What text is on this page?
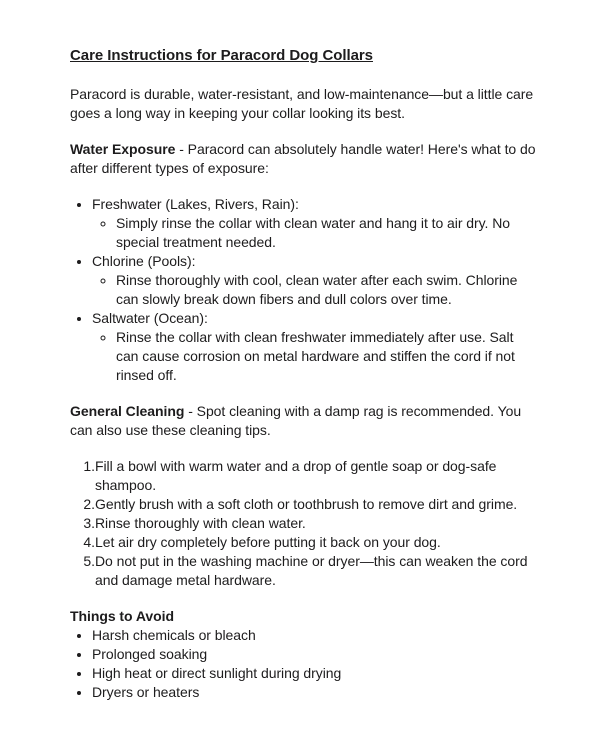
Care Instructions for Paracord Dog Collars

Paracord is durable, water-resistant, and low-maintenance—but a little care goes a long way in keeping your collar looking its best.

Water Exposure - Paracord can absolutely handle water! Here's what to do after different types of exposure:

• Freshwater (Lakes, Rivers, Rain):
◦ Simply rinse the collar with clean water and hang it to air dry. No special treatment needed.
• Chlorine (Pools):
◦ Rinse thoroughly with cool, clean water after each swim. Chlorine can slowly break down fibers and dull colors over time.
• Saltwater (Ocean):
◦ Rinse the collar with clean freshwater immediately after use. Salt can cause corrosion on metal hardware and stiffen the cord if not rinsed off.

General Cleaning - Spot cleaning with a damp rag is recommended. You can also use these cleaning tips.

1. Fill a bowl with warm water and a drop of gentle soap or dog-safe shampoo.
2. Gently brush with a soft cloth or toothbrush to remove dirt and grime.
3. Rinse thoroughly with clean water.
4. Let air dry completely before putting it back on your dog.
5. Do not put in the washing machine or dryer—this can weaken the cord and damage metal hardware.

Things to Avoid

• Harsh chemicals or bleach
• Prolonged soaking
• High heat or direct sunlight during drying
• Dryers or heaters
